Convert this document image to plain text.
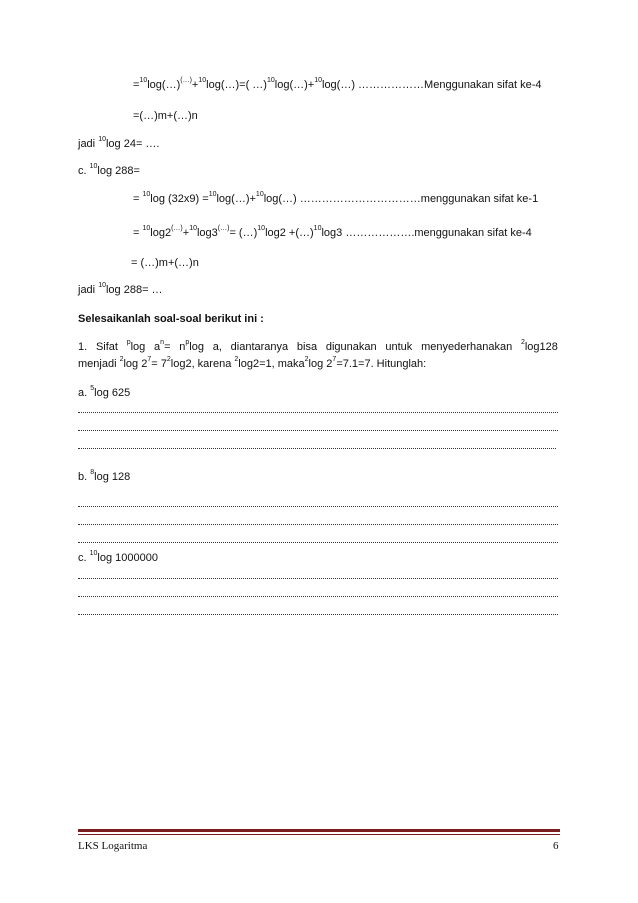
=$^{10}$log(…)(…)+$^{10}$log(…)=( …)$^{10}$log(…)+$^{10}$log(…) ………………Menggunakan sifat ke-4
=(…)m+(…)n
jadi $^{10}$log 24= ….
c. $^{10}$log 288=
= $^{10}$log (32x9) =$^{10}$log(…)+$^{10}$log(…) ……………………………menggunakan sifat ke-1
= $^{10}$log2(…)+$^{10}$log3(…)= (…)$^{10}$log2 +(…)$^{10}$log3 ……………….menggunakan sifat ke-4
= (…)m+(…)n
jadi $^{10}$log 288= …
Selesaikanlah soal-soal berikut ini :
1. Sifat $^p$log $a^n= n^p\log$ a, diantaranya bisa digunakan untuk menyederhanakan $^2$log128
menjadi $^2$log $2^7= 7^2\log 2$, karena $^2$log2=1, maka$^2$log $2^7=7.1=7$. Hitunglah:
a. $^5$log 625
b. $^8$log 128
c. $^{10}$log 1000000
LKS Logaritma	6
